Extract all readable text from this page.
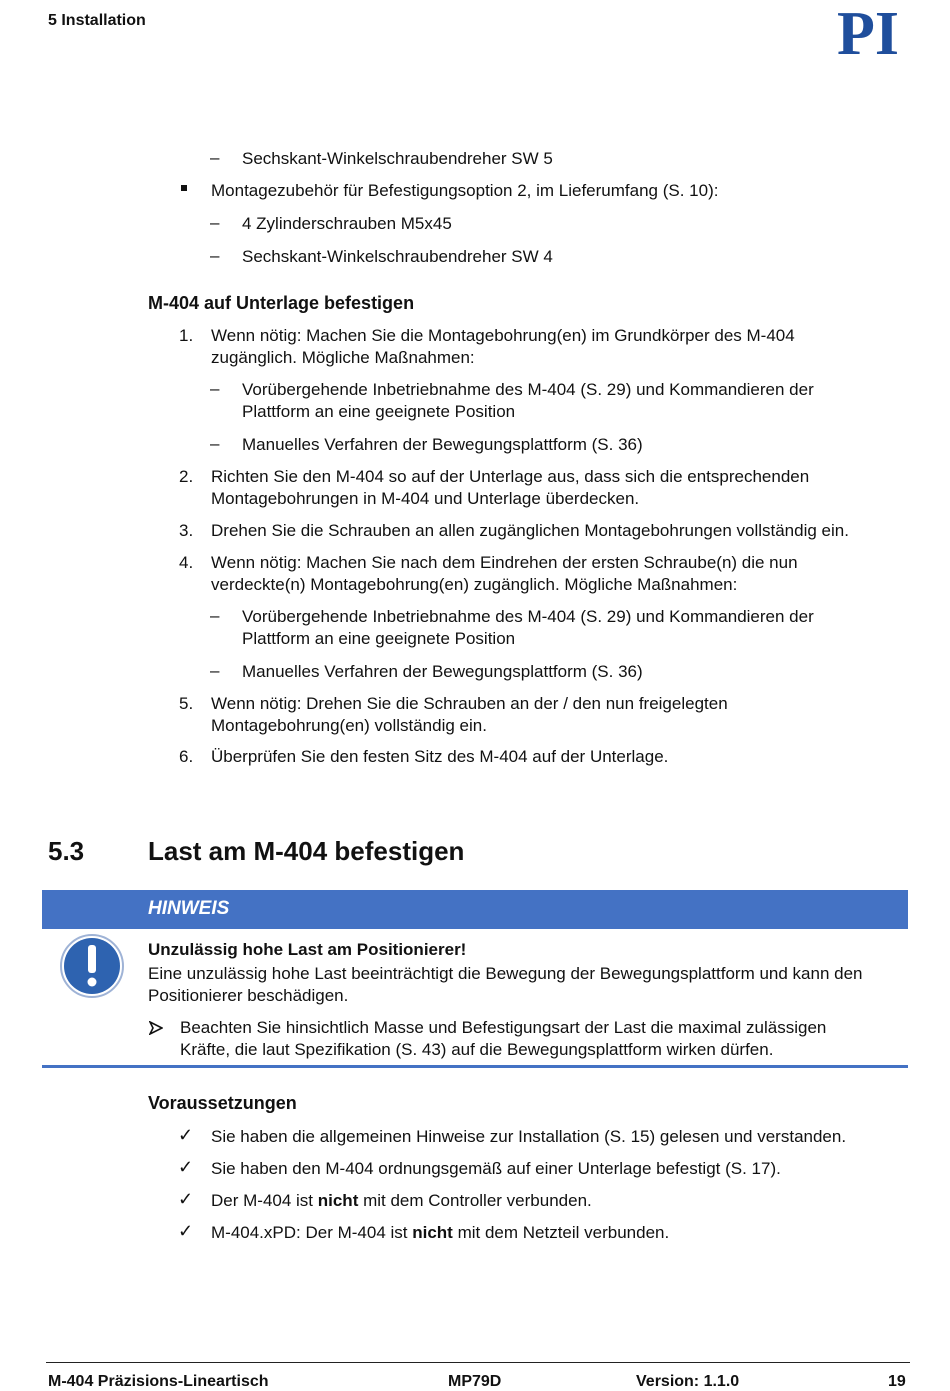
5 Installation	PI
– Sechskant-Winkelschraubendreher SW 5
Montagezubehör für Befestigungsoption 2, im Lieferumfang (S. 10):
– 4 Zylinderschrauben M5x45
– Sechskant-Winkelschraubendreher SW 4
M-404 auf Unterlage befestigen
1. Wenn nötig: Machen Sie die Montagebohrung(en) im Grundkörper des M-404
zugänglich. Mögliche Maßnahmen:
– Vorübergehende Inbetriebnahme des M-404 (S. 29) und Kommandieren der
Plattform an eine geeignete Position
– Manuelles Verfahren der Bewegungsplattform (S. 36)
2. Richten Sie den M-404 so auf der Unterlage aus, dass sich die entsprechenden
Montagebohrungen in M-404 und Unterlage überdecken.
3. Drehen Sie die Schrauben an allen zugänglichen Montagebohrungen vollständig ein.
4. Wenn nötig: Machen Sie nach dem Eindrehen der ersten Schraube(n) die nun
verdeckte(n) Montagebohrung(en) zugänglich. Mögliche Maßnahmen:
– Vorübergehende Inbetriebnahme des M-404 (S. 29) und Kommandieren der
Plattform an eine geeignete Position
– Manuelles Verfahren der Bewegungsplattform (S. 36)
5. Wenn nötig: Drehen Sie die Schrauben an der / den nun freigelegten
Montagebohrung(en) vollständig ein.
6. Überprüfen Sie den festen Sitz des M-404 auf der Unterlage.
5.3 Last am M-404 befestigen
HINWEIS
Unzulässig hohe Last am Positionierer!
Eine unzulässig hohe Last beeinträchtigt die Bewegung der Bewegungsplattform und kann den
Positionierer beschädigen.
Beachten Sie hinsichtlich Masse und Befestigungsart der Last die maximal zulässigen
Kräfte, die laut Spezifikation (S. 43) auf die Bewegungsplattform wirken dürfen.
Voraussetzungen
✓ Sie haben die allgemeinen Hinweise zur Installation (S. 15) gelesen und verstanden.
✓ Sie haben den M-404 ordnungsgemäß auf einer Unterlage befestigt (S. 17).
✓ Der M-404 ist nicht mit dem Controller verbunden.
✓ M-404.xPD: Der M-404 ist nicht mit dem Netzteil verbunden.
M-404 Präzisions-Lineartisch	MP79D	Version: 1.1.0	19
